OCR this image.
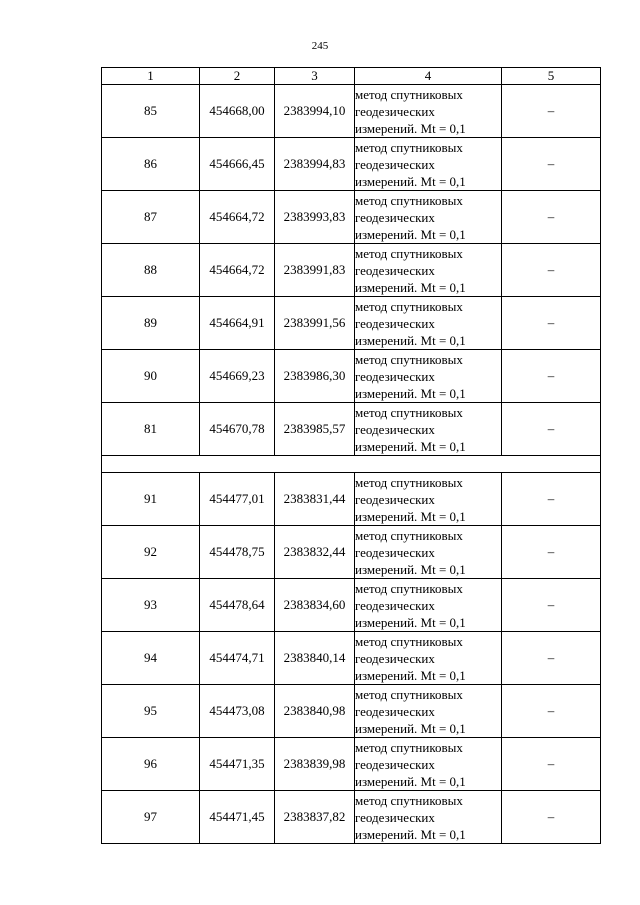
245
1	2	3	4	5
85	454668,00	2383994,10	метод спутниковых
геодезических
измерений. Mt = 0,1	–
86	454666,45	2383994,83	метод спутниковых
геодезических
измерений. Mt = 0,1	–
87	454664,72	2383993,83	метод спутниковых
геодезических
измерений. Mt = 0,1	–
88	454664,72	2383991,83	метод спутниковых
геодезических
измерений. Mt = 0,1	–
89	454664,91	2383991,56	метод спутниковых
геодезических
измерений. Mt = 0,1	–
90	454669,23	2383986,30	метод спутниковых
геодезических
измерений. Mt = 0,1	–
81	454670,78	2383985,57	метод спутниковых
геодезических
измерений. Mt = 0,1	–

91	454477,01	2383831,44	метод спутниковых
геодезических
измерений. Mt = 0,1	–
92	454478,75	2383832,44	метод спутниковых
геодезических
измерений. Mt = 0,1	–
93	454478,64	2383834,60	метод спутниковых
геодезических
измерений. Mt = 0,1	–
94	454474,71	2383840,14	метод спутниковых
геодезических
измерений. Mt = 0,1	–
95	454473,08	2383840,98	метод спутниковых
геодезических
измерений. Mt = 0,1	–
96	454471,35	2383839,98	метод спутниковых
геодезических
измерений. Mt = 0,1	–
97	454471,45	2383837,82	метод спутниковых
геодезических
измерений. Mt = 0,1	–
